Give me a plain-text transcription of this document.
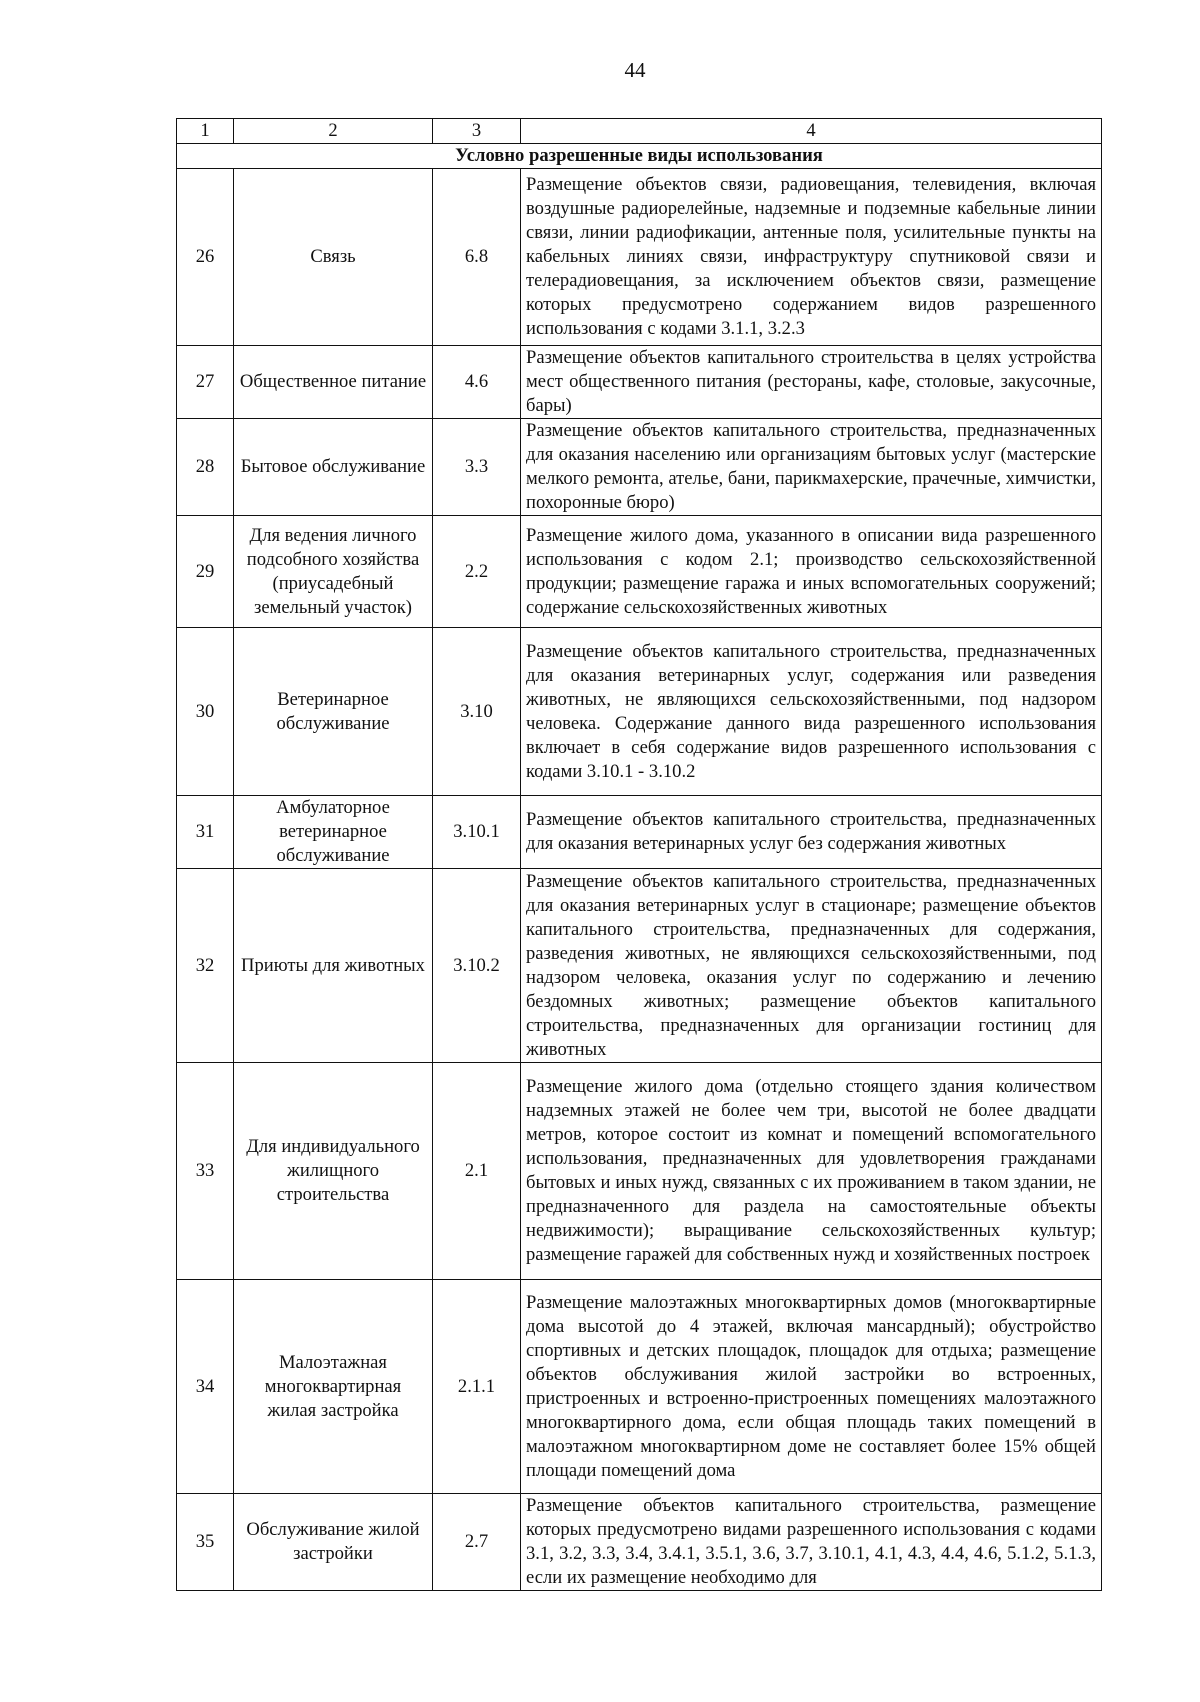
44
1	2	3	4
Условно разрешенные виды использования			
26	Связь	6.8	Размещение объектов связи, радиовещания, телевидения, включая воздушные радиорелейные, надземные и подземные кабельные линии связи, линии радиофикации, антенные поля, усилительные пункты на кабельных линиях связи, инфраструктуру спутниковой связи и телерадиовещания, за исключением объектов связи, размещение которых предусмотрено содержанием видов разрешенного использования с кодами 3.1.1, 3.2.3
27	Общественное питание	4.6	Размещение объектов капитального строительства в целях устройства мест общественного питания (рестораны, кафе, столовые, закусочные, бары)
28	Бытовое обслуживание	3.3	Размещение объектов капитального строительства, предназначенных для оказания населению или организациям бытовых услуг (мастерские мелкого ремонта, ателье, бани, парикмахерские, прачечные, химчистки, похоронные бюро)
29	Для ведения личного подсобного хозяйства (приусадебный земельный участок)	2.2	Размещение жилого дома, указанного в описании вида разрешенного использования с кодом 2.1; производство сельскохозяйственной продукции; размещение гаража и иных вспомогательных сооружений; содержание сельскохозяйственных животных
30	Ветеринарное обслуживание	3.10	Размещение объектов капитального строительства, предназначенных для оказания ветеринарных услуг, содержания или разведения животных, не являющихся сельскохозяйственными, под надзором человека. Содержание данного вида разрешенного использования включает в себя содержание видов разрешенного использования с кодами 3.10.1 - 3.10.2
31	Амбулаторное ветеринарное обслуживание	3.10.1	Размещение объектов капитального строительства, предназначенных для оказания ветеринарных услуг без содержания животных
32	Приюты для животных	3.10.2	Размещение объектов капитального строительства, предназначенных для оказания ветеринарных услуг в стационаре; размещение объектов капитального строительства, предназначенных для содержания, разведения животных, не являющихся сельскохозяйственными, под надзором человека, оказания услуг по содержанию и лечению бездомных животных; размещение объектов капитального строительства, предназначенных для организации гостиниц для животных
33	Для индивидуального жилищного строительства	2.1	Размещение жилого дома (отдельно стоящего здания количеством надземных этажей не более чем три, высотой не более двадцати метров, которое состоит из комнат и помещений вспомогательного использования, предназначенных для удовлетворения гражданами бытовых и иных нужд, связанных с их проживанием в таком здании, не предназначенного для раздела на самостоятельные объекты недвижимости); выращивание сельскохозяйственных культур; размещение гаражей для собственных нужд и хозяйственных построек
34	Малоэтажная многоквартирная жилая застройка	2.1.1	Размещение малоэтажных многоквартирных домов (многоквартирные дома высотой до 4 этажей, включая мансардный); обустройство спортивных и детских площадок, площадок для отдыха; размещение объектов обслуживания жилой застройки во встроенных, пристроенных и встроенно-пристроенных помещениях малоэтажного многоквартирного дома, если общая площадь таких помещений в малоэтажном многоквартирном доме не составляет более 15% общей площади помещений дома
35	Обслуживание жилой застройки	2.7	Размещение объектов капитального строительства, размещение которых предусмотрено видами разрешенного использования с кодами 3.1, 3.2, 3.3, 3.4, 3.4.1, 3.5.1, 3.6, 3.7, 3.10.1, 4.1, 4.3, 4.4, 4.6, 5.1.2, 5.1.3, если их размещение необходимо для
